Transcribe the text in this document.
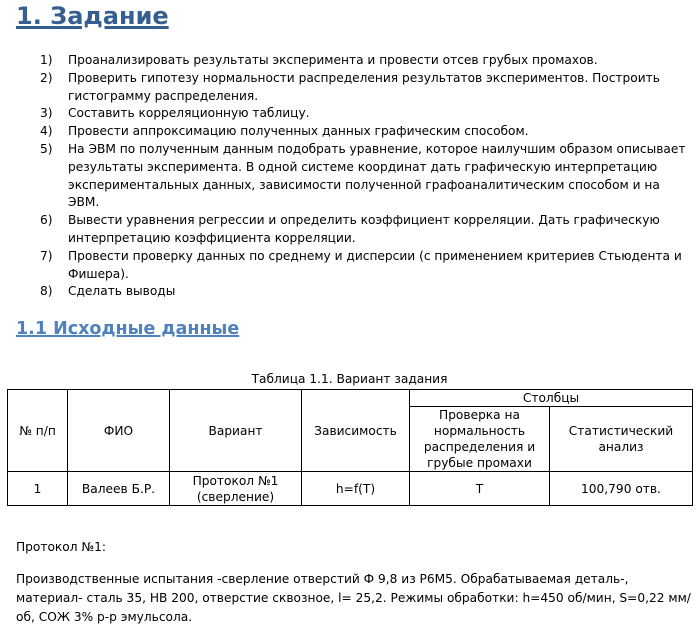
1. Задание
1)	Проанализировать результаты эксперимента и провести отсев грубых промахов.
2)	Проверить гипотезу нормальности распределения результатов экспериментов. Построить гистограмму распределения.
3)	Составить корреляционную таблицу.
4)	Провести аппроксимацию полученных данных графическим способом.
5)	На ЭВМ по полученным данным подобрать уравнение, которое наилучшим образом описывает результаты эксперимента. В одной системе координат дать графическую интерпретацию экспериментальных данных, зависимости полученной графоаналитическим способом и на ЭВМ.
6)	Вывести уравнения регрессии и определить коэффициент корреляции. Дать графическую интерпретацию коэффициента корреляции.
7)	Провести проверку данных по среднему и дисперсии (с применением критериев Стьюдента и Фишера).
8)	Сделать выводы
1.1 Исходные данные
Таблица 1.1. Вариант задания
№ п/п	ФИО	Вариант	Зависимость	Столбцы	
				Проверка на нормальность распределения и грубые промахи	Статистический анализ
1	Валеев Б.Р.	Протокол №1 (сверление)	h=f(T)	T	100,790 отв.
Протокол №1:
Производственные испытания -сверление отверстий Ф 9,8 из Р6М5. Обрабатываемая деталь-, материал- сталь 35, НВ 200, отверстие сквозное, l= 25,2. Режимы обработки: h=450 об/мин, S=0,22 мм/об, СОЖ 3% р-р эмульсола.
